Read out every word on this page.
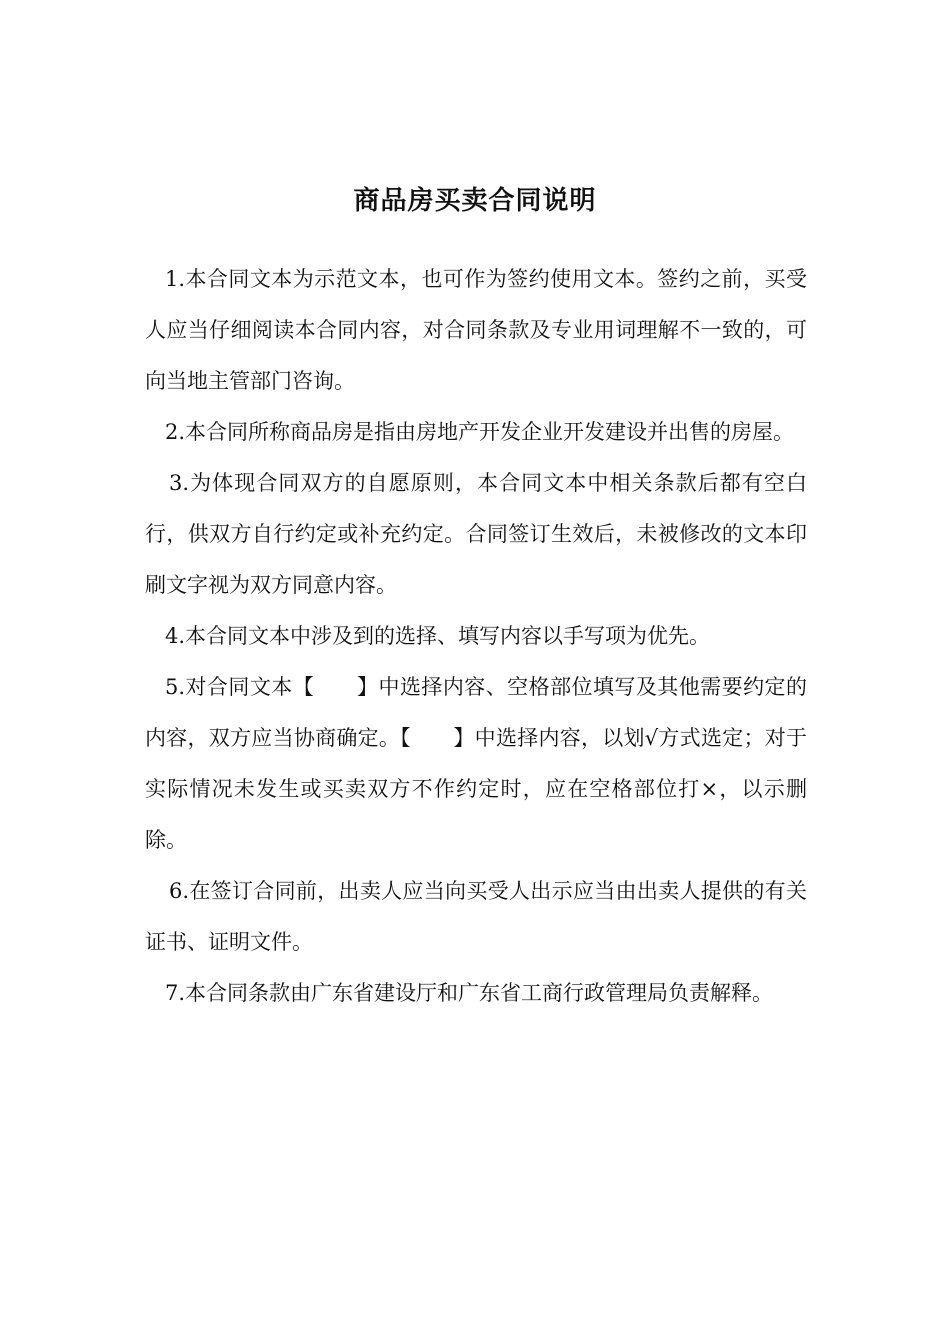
商品房买卖合同说明

1.本合同文本为示范文本，也可作为签约使用文本。签约之前，买受人应当仔细阅读本合同内容，对合同条款及专业用词理解不一致的，可向当地主管部门咨询。

2.本合同所称商品房是指由房地产开发企业开发建设并出售的房屋。

3.为体现合同双方的自愿原则，本合同文本中相关条款后都有空白行，供双方自行约定或补充约定。合同签订生效后，未被修改的文本印刷文字视为双方同意内容。

4.本合同文本中涉及到的选择、填写内容以手写项为优先。

5.对合同文本【　　】中选择内容、空格部位填写及其他需要约定的内容，双方应当协商确定。【　　】中选择内容，以划√方式选定；对于实际情况未发生或买卖双方不作约定时，应在空格部位打×，以示删除。

6.在签订合同前，出卖人应当向买受人出示应当由出卖人提供的有关证书、证明文件。

7.本合同条款由广东省建设厅和广东省工商行政管理局负责解释。
